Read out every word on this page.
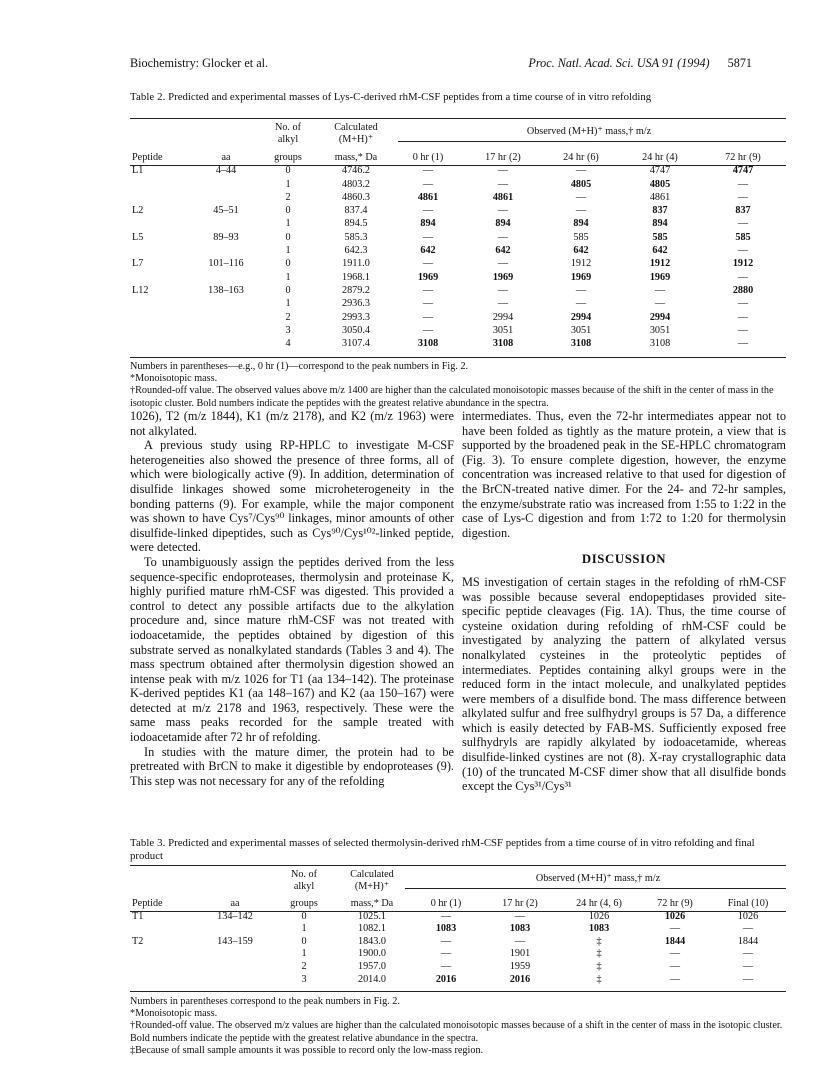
Biochemistry: Glocker et al.	Proc. Natl. Acad. Sci. USA 91 (1994) 5871
Table 2. Predicted and experimental masses of Lys-C-derived rhM-CSF peptides from a time course of in vitro refolding
		No. of	Calculated	Observed (M+H)⁺ mass,† m/z				
		alkyl	(M+H)⁺					
Peptide	aa	groups	mass,* Da	0 hr (1)	17 hr (2)	24 hr (6)	24 hr (4)	72 hr (9)
L1	4–44	0	4746.2	—	—	—	4747	4747
		1	4803.2	—	—	4805	4805	—
		2	4860.3	4861	4861	—	4861	—
L2	45–51	0	837.4	—	—	—	837	837
		1	894.5	894	894	894	894	—
L5	89–93	0	585.3	—	—	585	585	585
		1	642.3	642	642	642	642	—
L7	101–116	0	1911.0	—	—	1912	1912	1912
		1	1968.1	1969	1969	1969	1969	—
L12	138–163	0	2879.2	—	—	—	—	2880
		1	2936.3	—	—	—	—	—
		2	2993.3	—	2994	2994	2994	—
		3	3050.4	—	3051	3051	3051	—
		4	3107.4	3108	3108	3108	3108	—

Numbers in parentheses—e.g., 0 hr (1)—correspond to the peak numbers in Fig. 2.

*Monoisotopic mass.

†Rounded-off value. The observed values above m/z 1400 are higher than the calculated monoisotopic masses because of the shift in the center of mass in the isotopic cluster. Bold numbers indicate the peptides with the greatest relative abundance in the spectra.

1026), T2 (m/z 1844), K1 (m/z 2178), and K2 (m/z 1963) were not alkylated.

A previous study using RP-HPLC to investigate M-CSF heterogeneities also showed the presence of three forms, all of which were biologically active (9). In addition, determination of disulfide linkages showed some microheterogeneity in the bonding patterns (9). For example, while the major component was shown to have Cys⁷/Cys⁹⁰ linkages, minor amounts of other disulfide-linked dipeptides, such as Cys⁹⁰/Cys¹⁰²-linked peptide, were detected.

To unambiguously assign the peptides derived from the less sequence-specific endoproteases, thermolysin and proteinase K, highly purified mature rhM-CSF was digested. This provided a control to detect any possible artifacts due to the alkylation procedure and, since mature rhM-CSF was not treated with iodoacetamide, the peptides obtained by digestion of this substrate served as nonalkylated standards (Tables 3 and 4). The mass spectrum obtained after thermolysin digestion showed an intense peak with m/z 1026 for T1 (aa 134–142). The proteinase K-derived peptides K1 (aa 148–167) and K2 (aa 150–167) were detected at m/z 2178 and 1963, respectively. These were the same mass peaks recorded for the sample treated with iodoacetamide after 72 hr of refolding.

In studies with the mature dimer, the protein had to be pretreated with BrCN to make it digestible by endoproteases (9). This step was not necessary for any of the refolding

intermediates. Thus, even the 72-hr intermediates appear not to have been folded as tightly as the mature protein, a view that is supported by the broadened peak in the SE-HPLC chromatogram (Fig. 3). To ensure complete digestion, however, the enzyme concentration was increased relative to that used for digestion of the BrCN-treated native dimer. For the 24- and 72-hr samples, the enzyme/substrate ratio was increased from 1:55 to 1:22 in the case of Lys-C digestion and from 1:72 to 1:20 for thermolysin digestion.

DISCUSSION

MS investigation of certain stages in the refolding of rhM-CSF was possible because several endopeptidases provided site-specific peptide cleavages (Fig. 1A). Thus, the time course of cysteine oxidation during refolding of rhM-CSF could be investigated by analyzing the pattern of alkylated versus nonalkylated cysteines in the proteolytic peptides of intermediates. Peptides containing alkyl groups were in the reduced form in the intact molecule, and unalkylated peptides were members of a disulfide bond. The mass difference between alkylated sulfur and free sulfhydryl groups is 57 Da, a difference which is easily detected by FAB-MS. Sufficiently exposed free sulfhydryls are rapidly alkylated by iodoacetamide, whereas disulfide-linked cystines are not (8). X-ray crystallographic data (10) of the truncated M-CSF dimer show that all disulfide bonds except the Cys³¹/Cys³¹

Table 3. Predicted and experimental masses of selected thermolysin-derived rhM-CSF peptides from a time course of in vitro refolding and final product
		No. of	Calculated	Observed (M+H)⁺ mass,† m/z				
		alkyl	(M+H)⁺					
Peptide	aa	groups	mass,* Da	0 hr (1)	17 hr (2)	24 hr (4, 6)	72 hr (9)	Final (10)
T1	134–142	0	1025.1	—	—	1026	1026	1026
		1	1082.1	1083	1083	1083	—	—
T2	143–159	0	1843.0	—	—	‡	1844	1844
		1	1900.0	—	1901	‡	—	—
		2	1957.0	—	1959	‡	—	—
		3	2014.0	2016	2016	‡	—	—

Numbers in parentheses correspond to the peak numbers in Fig. 2.

*Monoisotopic mass.

†Rounded-off value. The observed m/z values are higher than the calculated monoisotopic masses because of a shift in the center of mass in the isotopic cluster. Bold numbers indicate the peptide with the greatest relative abundance in the spectra.

‡Because of small sample amounts it was possible to record only the low-mass region.
